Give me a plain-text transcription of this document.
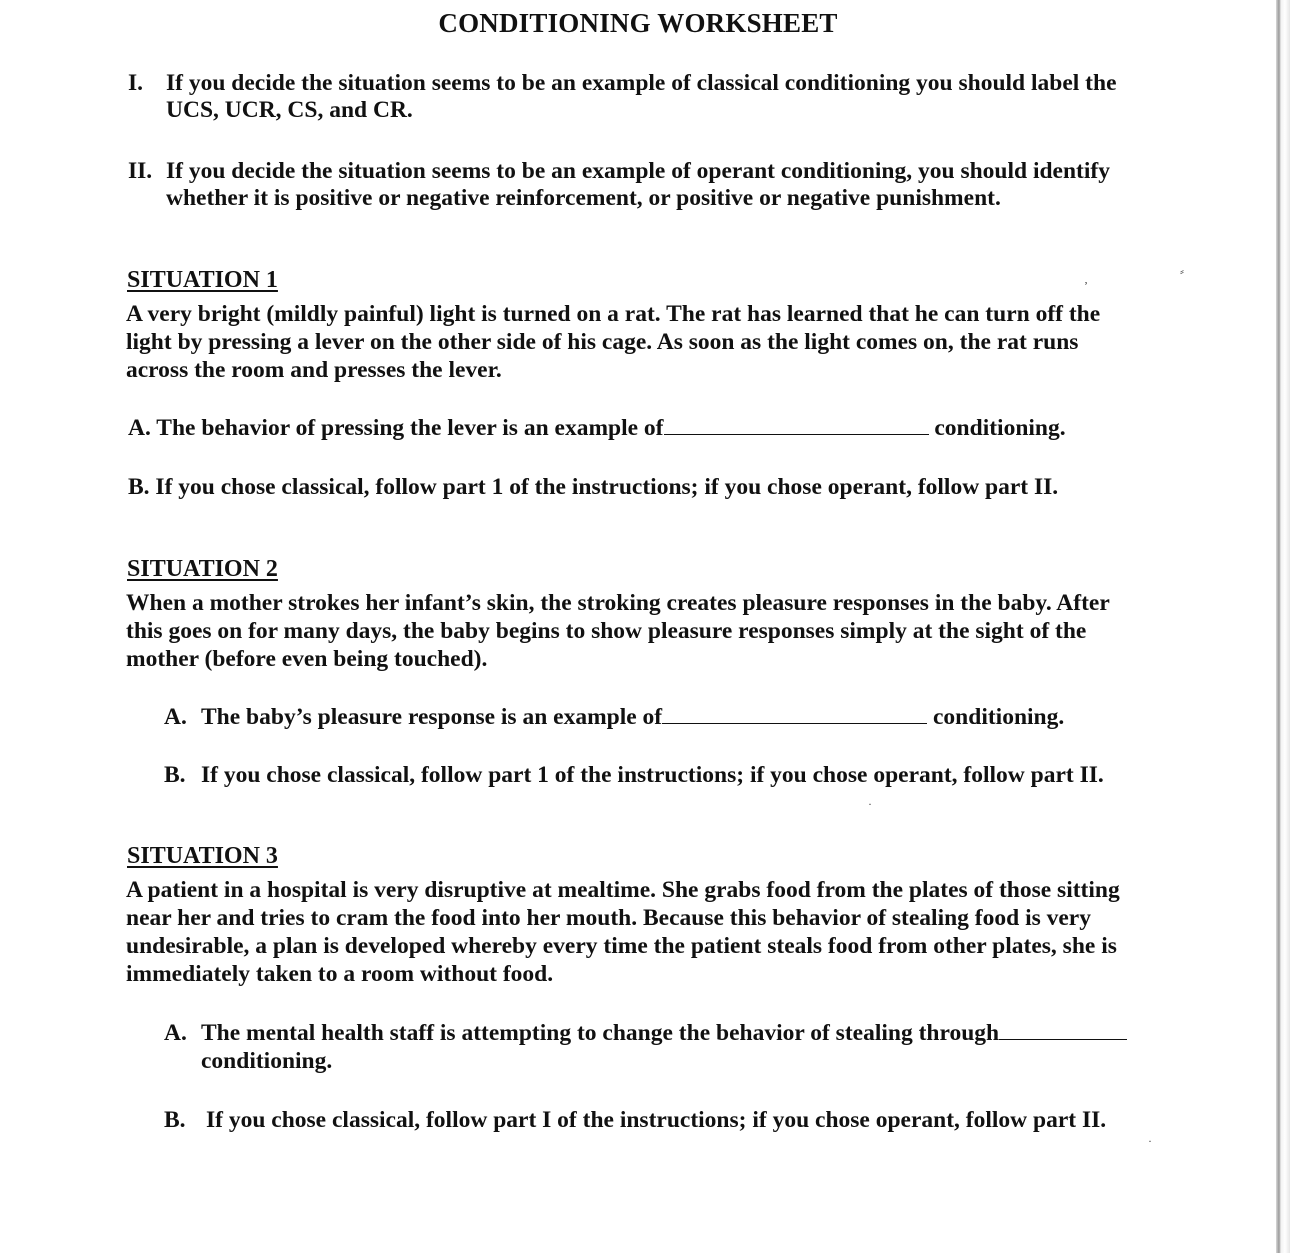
CONDITIONING WORKSHEET
I. If you decide the situation seems to be an example of classical conditioning you should label the UCS, UCR, CS, and CR.
II. If you decide the situation seems to be an example of operant conditioning, you should identify whether it is positive or negative reinforcement, or positive or negative punishment.
SITUATION 1
A very bright (mildly painful) light is turned on a rat. The rat has learned that he can turn off the light by pressing a lever on the other side of his cage. As soon as the light comes on, the rat runs across the room and presses the lever.
A. The behavior of pressing the lever is an example of	conditioning.
B. If you chose classical, follow part 1 of the instructions; if you chose operant, follow part II.
SITUATION 2
When a mother strokes her infant’s skin, the stroking creates pleasure responses in the baby. After this goes on for many days, the baby begins to show pleasure responses simply at the sight of the mother (before even being touched).
A. The baby’s pleasure response is an example of	conditioning.
B. If you chose classical, follow part 1 of the instructions; if you chose operant, follow part II.
SITUATION 3
A patient in a hospital is very disruptive at mealtime. She grabs food from the plates of those sitting near her and tries to cram the food into her mouth. Because this behavior of stealing food is very undesirable, a plan is developed whereby every time the patient steals food from other plates, she is immediately taken to a room without food.
A. The mental health staff is attempting to change the behavior of stealing through
conditioning.
B. If you chose classical, follow part I of the instructions; if you chose operant, follow part II.
⸗
‚
·
·
